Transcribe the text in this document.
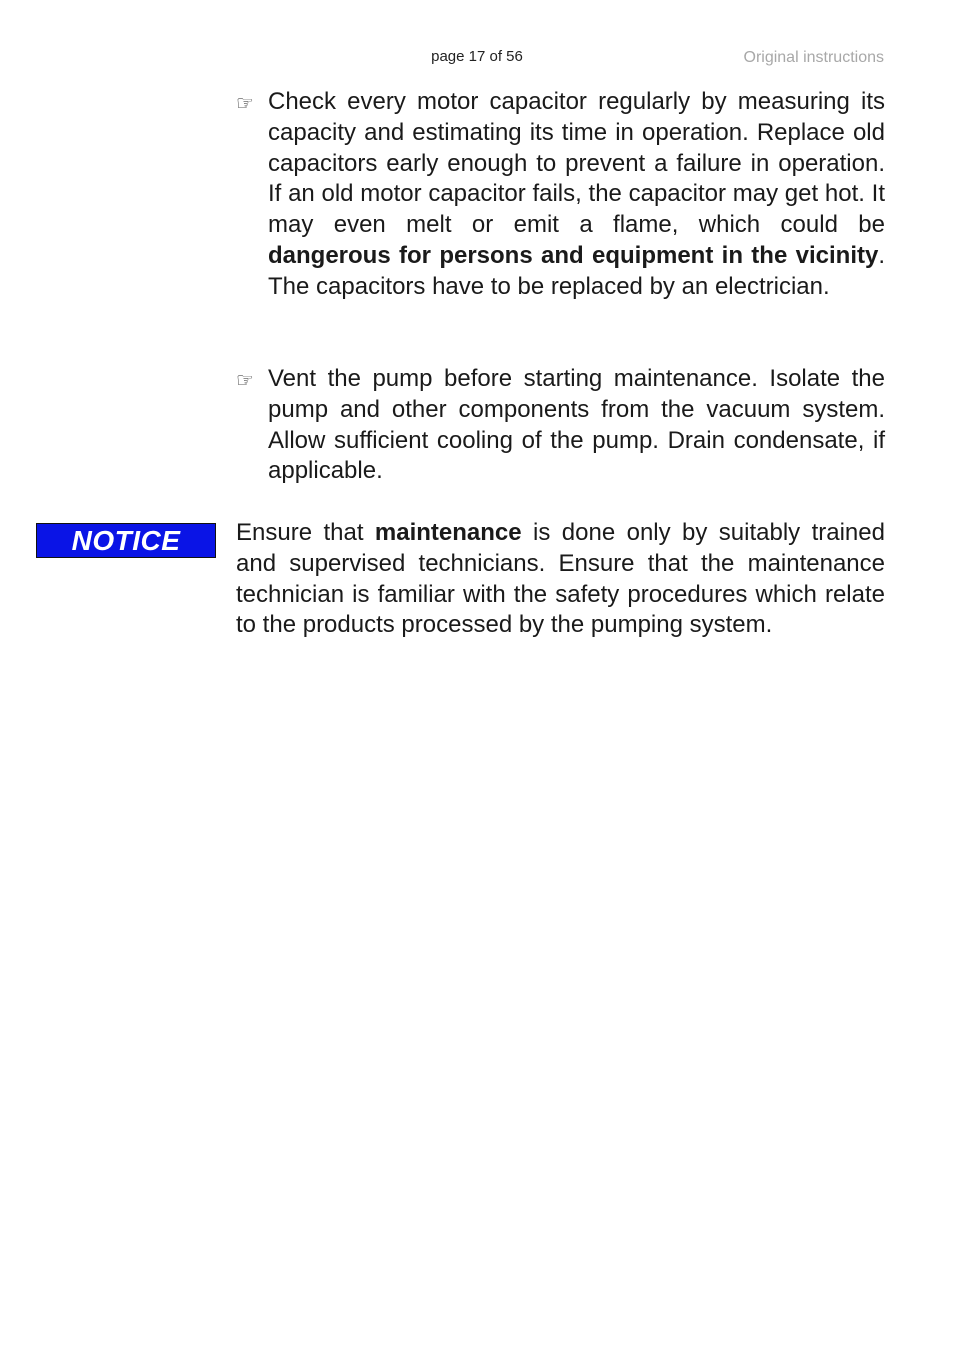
page 17 of 56	Original instructions
☞ Check every motor capacitor regularly by measuring its capacity and estimating its time in operation. Replace old capacitors early enough to prevent a failure in operation. If an old motor capacitor fails, the capacitor may get hot. It may even melt or emit a flame, which could be dangerous for persons and equipment in the vicinity. The capacitors have to be replaced by an electrician.
☞ Vent the pump before starting maintenance. Isolate the pump and other components from the vacuum system. Allow sufficient cooling of the pump. Drain condensate, if applicable.
NOTICE	Ensure that maintenance is done only by suitably trained and supervised technicians. Ensure that the maintenance technician is familiar with the safety procedures which relate to the products processed by the pumping system.
